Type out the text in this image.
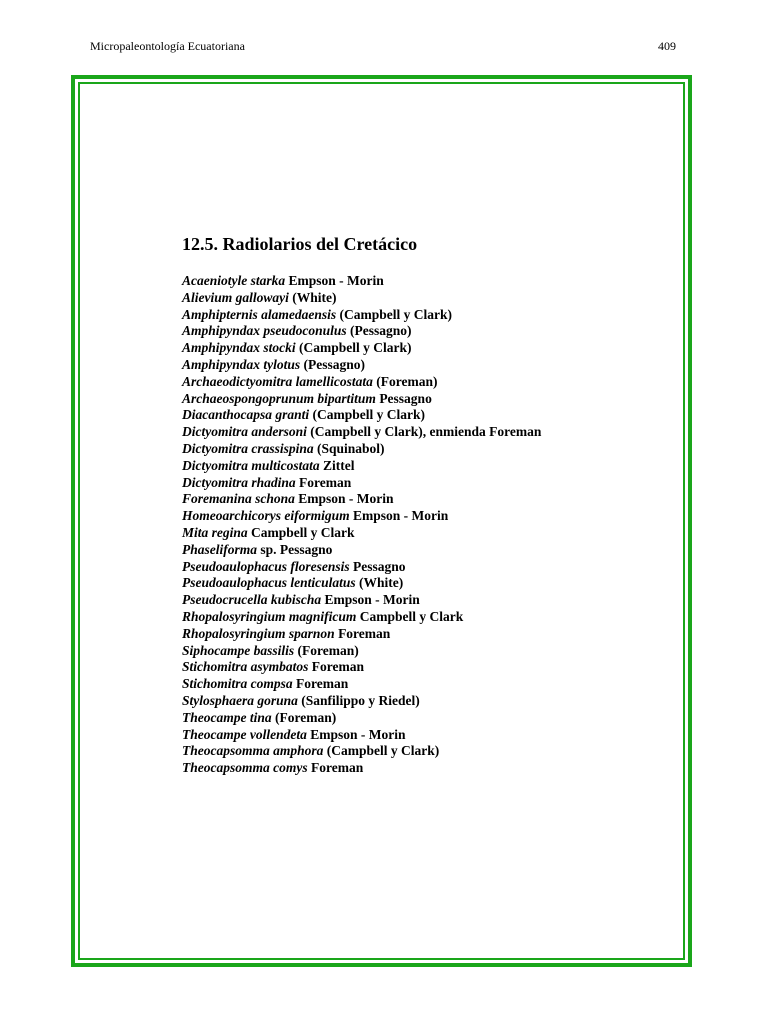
Micropaleontología Ecuatoriana	409
12.5. Radiolarios del Cretácico
Acaeniotyle starka Empson - Morin
Alievium gallowayi (White)
Amphipternis alamedaensis (Campbell y Clark)
Amphipyndax pseudoconulus (Pessagno)
Amphipyndax stocki (Campbell y Clark)
Amphipyndax tylotus (Pessagno)
Archaeodictyomitra lamellicostata (Foreman)
Archaeospongoprunum bipartitum Pessagno
Diacanthocapsa granti (Campbell y Clark)
Dictyomitra andersoni (Campbell y Clark), enmienda Foreman
Dictyomitra crassispina (Squinabol)
Dictyomitra multicostata Zittel
Dictyomitra rhadina Foreman
Foremanina schona Empson - Morin
Homeoarchicorys eiformigum Empson - Morin
Mita regina Campbell y Clark
Phaseliforma sp. Pessagno
Pseudoaulophacus floresensis Pessagno
Pseudoaulophacus lenticulatus (White)
Pseudocrucella kubischa Empson - Morin
Rhopalosyringium magnificum Campbell y Clark
Rhopalosyringium sparnon Foreman
Siphocampe bassilis (Foreman)
Stichomitra asymbatos Foreman
Stichomitra compsa Foreman
Stylosphaera goruna (Sanfilippo y Riedel)
Theocampe tina (Foreman)
Theocampe vollendeta Empson - Morin
Theocapsomma amphora (Campbell y Clark)
Theocapsomma comys Foreman
